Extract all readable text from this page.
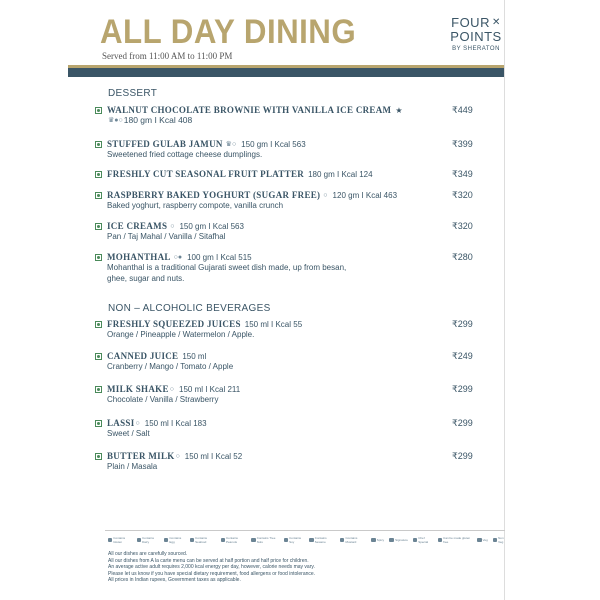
ALL DAY DINING
Served from 11:00 AM to 11:00 PM
FOUR ✕
POINTS
BY SHERATON
DESSERT
WALNUT CHOCOLATE BROWNIE WITH VANILLA ICE CREAM ★
♛●○ 180 gm I Kcal 408
₹449
STUFFED GULAB JAMUN ♛○ 150 gm I Kcal 563
Sweetened fried cottage cheese dumplings.
₹399
FRESHLY CUT SEASONAL FRUIT PLATTER 180 gm I Kcal 124	₹349
RASPBERRY BAKED YOGHURT (SUGAR FREE) ○ 120 gm I Kcal 463
Baked yoghurt, raspberry compote, vanilla crunch
₹320
ICE CREAMS ○ 150 gm I Kcal 563
Pan / Taj Mahal / Vanilla / Sitafhal
₹320
MOHANTHAL ○● 100 gm I Kcal 515
Mohanthal is a traditional Gujarati sweet dish made, up from besan,
ghee, sugar and nuts.
₹280
NON – ALCOHOLIC BEVERAGES
FRESHLY SQUEEZED JUICES 150 ml I Kcal 55
Orange / Pineapple / Watermelon / Apple.
₹299
CANNED JUICE 150 ml
Cranberry / Mango / Tomato / Apple
₹249
MILK SHAKE ○ 150 ml I Kcal 211
Chocolate / Vanilla / Strawberry
₹299
LASSI ○ 150 ml I Kcal 183
Sweet / Salt
₹299
BUTTER MILK ○ 150 ml I Kcal 52
Plain / Masala
₹299
Contains Gluten
Contains Dairy
Contains Egg
Contains Seafood
Contains Peanuts
Contains Tree Nuts
Contains Soy
Contains Sesame
Contains Mustard	Spicy	Signature	Chef Special
Can be made gluten free	Veg	Non Veg
All our dishes are carefully sourced.
All our dishes from A la carte menu can be served at half portion and half price for children.
An average active adult requires 2,000 kcal energy per day, however, calorie needs may vary.
Please let us know if you have special dietary requirement, food allergens or food intolerance.
All prices in Indian rupees, Government taxes as applicable.
